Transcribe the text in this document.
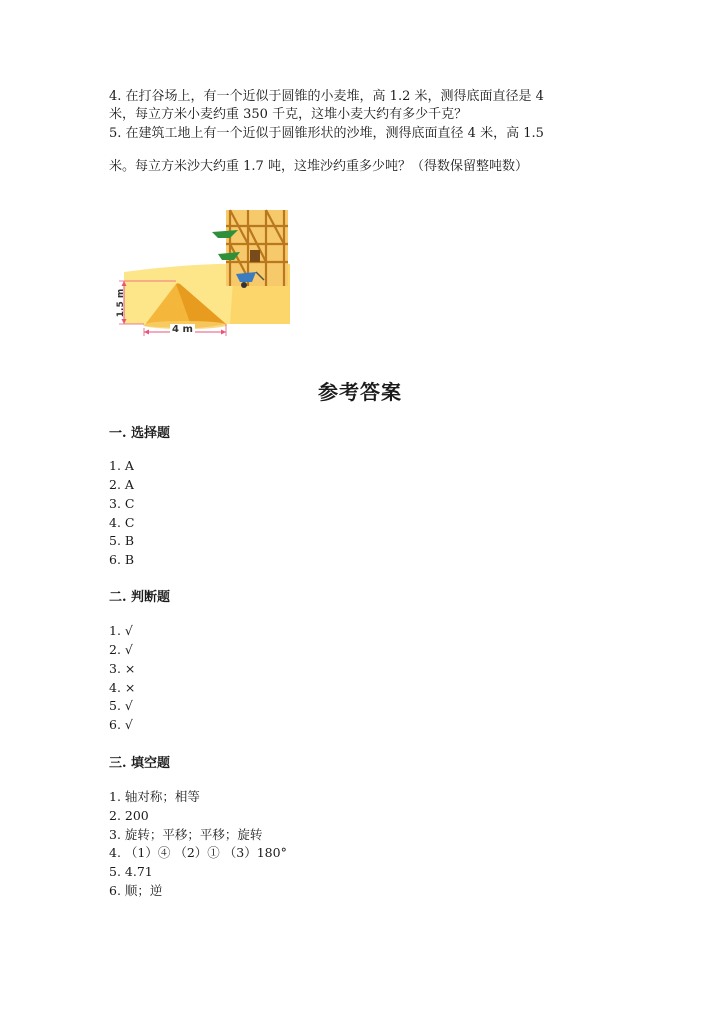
4. 在打谷场上，有一个近似于圆锥的小麦堆，高 1.2 米，测得底面直径是 4
米，每立方米小麦约重 350 千克，这堆小麦大约有多少千克？
5. 在建筑工地上有一个近似于圆锥形状的沙堆，测得底面直径 4 米，高 1.5
米。每立方米沙大约重 1.7 吨，这堆沙约重多少吨？（得数保留整吨数）
1.5 m
4 m
参考答案
一. 选择题
1. A
2. A
3. C
4. C
5. B
6. B
二. 判断题
1. √
2. √
3. ×
4. ×
5. √
6. √
三. 填空题
1. 轴对称；相等
2. 200
3. 旋转；平移；平移；旋转
4. （1）④ （2）① （3）180°
5. 4.71
6. 顺；逆
